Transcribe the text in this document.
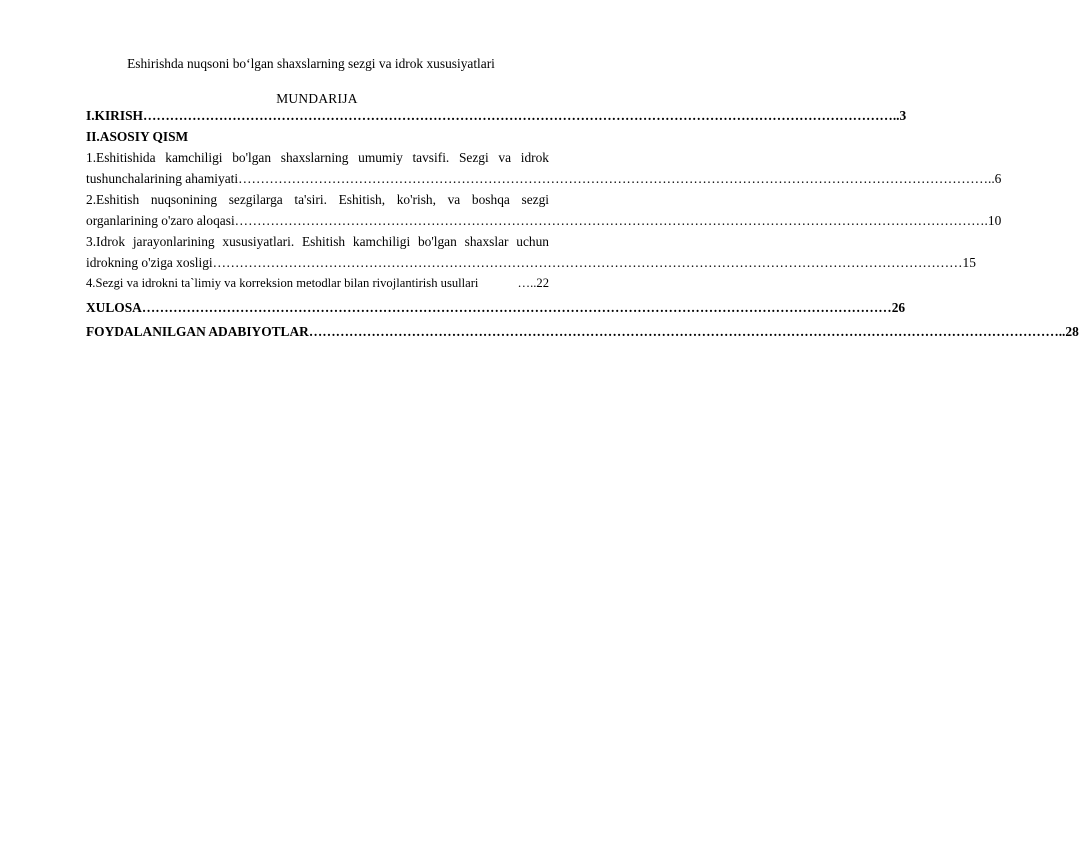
Eshirishda nuqsoni bo‘lgan shaxslarning sezgi va idrok xususiyatlari
MUNDARIJA
I.KIRISH …………………………………………………………………………………………………………………………………………………… ..3
II.ASOSIY QISM
1.Eshitishida kamchiligi bo'lgan shaxslarning umumiy tavsifi. Sezgi va idrok
tushunchalarining ahamiyati …………………………………………………………………………………………………………………………………………………… ..6
2.Eshitish nuqsonining sezgilarga ta'siri. Eshitish, ko'rish, va boshqa sezgi
organlarining o'zaro aloqasi …………………………………………………………………………………………………………………………………………………… .10
3.Idrok jarayonlarining xususiyatlari. Eshitish kamchiligi bo'lgan shaxslar uchun
idrokning o'ziga xosligi …………………………………………………………………………………………………………………………………………………… 15
4.Sezgi va idrokni ta`limiy va korreksion metodlar bilan rivojlantirish usullari	…..22
XULOSA …………………………………………………………………………………………………………………………………………………… 26
FOYDALANILGAN ADABIYOTLAR …………………………………………………………………………………………………………………………………………………… ..28
